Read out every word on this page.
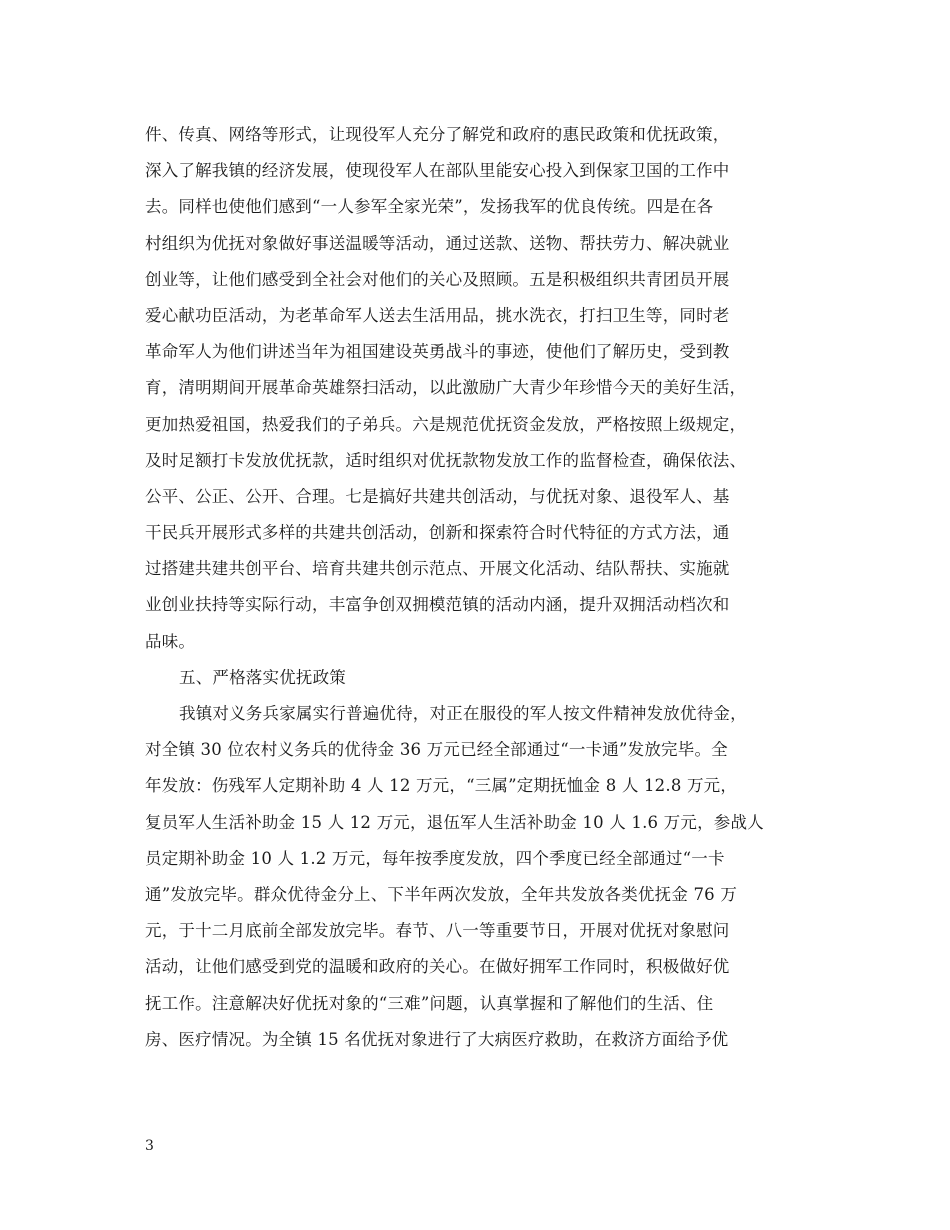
件、传真、网络等形式，让现役军人充分了解党和政府的惠民政策和优抚政策，
深入了解我镇的经济发展，使现役军人在部队里能安心投入到保家卫国的工作中
去。同样也使他们感到“一人参军全家光荣”，发扬我军的优良传统。四是在各
村组织为优抚对象做好事送温暖等活动，通过送款、送物、帮扶劳力、解决就业
创业等，让他们感受到全社会对他们的关心及照顾。五是积极组织共青团员开展
爱心献功臣活动，为老革命军人送去生活用品，挑水洗衣，打扫卫生等，同时老
革命军人为他们讲述当年为祖国建设英勇战斗的事迹，使他们了解历史，受到教
育，清明期间开展革命英雄祭扫活动，以此激励广大青少年珍惜今天的美好生活，
更加热爱祖国，热爱我们的子弟兵。六是规范优抚资金发放，严格按照上级规定，
及时足额打卡发放优抚款，适时组织对优抚款物发放工作的监督检查，确保依法、
公平、公正、公开、合理。七是搞好共建共创活动，与优抚对象、退役军人、基
干民兵开展形式多样的共建共创活动，创新和探索符合时代特征的方式方法，通
过搭建共建共创平台、培育共建共创示范点、开展文化活动、结队帮扶、实施就
业创业扶持等实际行动，丰富争创双拥模范镇的活动内涵，提升双拥活动档次和
品味。
五、严格落实优抚政策
我镇对义务兵家属实行普遍优待，对正在服役的军人按文件精神发放优待金，
对全镇 30 位农村义务兵的优待金 36 万元已经全部通过“一卡通”发放完毕。全
年发放：伤残军人定期补助 4 人 12 万元，“三属”定期抚恤金 8 人 12.8 万元，
复员军人生活补助金 15 人 12 万元，退伍军人生活补助金 10 人 1.6 万元，参战人
员定期补助金 10 人 1.2 万元，每年按季度发放，四个季度已经全部通过“一卡
通”发放完毕。群众优待金分上、下半年两次发放，全年共发放各类优抚金 76 万
元，于十二月底前全部发放完毕。春节、八一等重要节日，开展对优抚对象慰问
活动，让他们感受到党的温暖和政府的关心。在做好拥军工作同时，积极做好优
抚工作。注意解决好优抚对象的“三难”问题，认真掌握和了解他们的生活、住
房、医疗情况。为全镇 15 名优抚对象进行了大病医疗救助，在救济方面给予优
3
